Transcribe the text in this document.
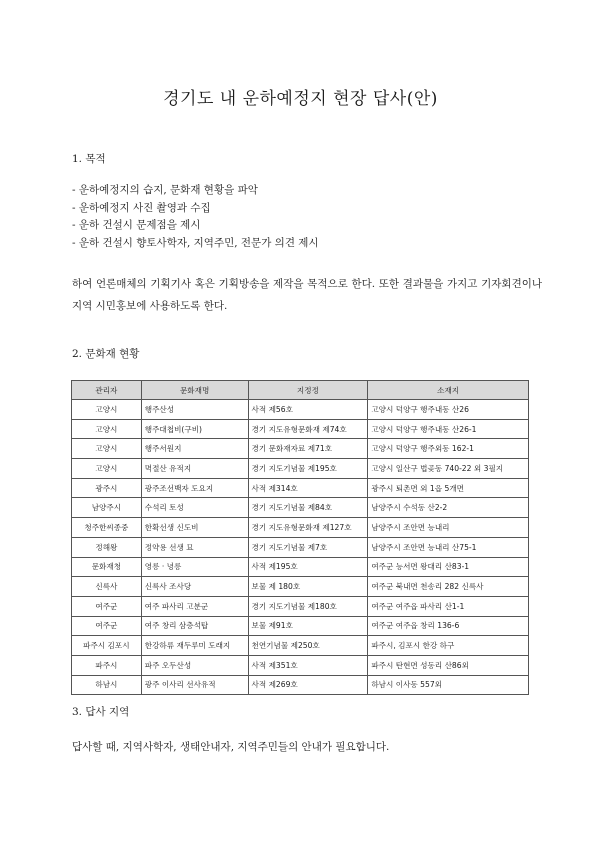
경기도 내 운하예정지 현장 답사(안)
1. 목적
- 운하예정지의 습지, 문화재 현황을 파악
- 운하예정지 사진 촬영과 수집
- 운하 건설시 문제점을 제시
- 운하 건설시 향토사학자, 지역주민, 전문가 의견 제시
하여 언론매체의 기획기사 혹은 기획방송을 제작을 목적으로 한다. 또한 결과물을 가지고 기자회견이나 지역 시민홍보에 사용하도록 한다.
2. 문화재 현황
관리자	문화재명	지정정	소재지
고양시	행주산성	사적 제56호	고양시 덕양구 행주내동 산26
고양시	행주대첩비(구비)	경기 지도유형문화재 제74호	고양시 덕양구 행주내동 산26-1
고양시	행주서원지	경기 문화재자료 제71호	고양시 덕양구 행주외동 162-1
고양시	멱절산 유적지	경기 지도기념물 제195호	고양시 일산구 법곶동 740-22 외 3필지
광주시	광주조선백자 도요지	사적 제314호	광주시 퇴촌면 외 1읍 5개면
남양주시	수석리 토성	경기 지도기념물 제84호	남양주시 수석동 산2-2
청주한씨종중	한확선생 신도비	경기 지도유형문화재 제127호	남양주시 조안면 능내리
정해왕	정약용 선생 묘	경기 지도기념물 제7호	남양주시 조안면 능내리 산75-1
문화재청	영릉 · 녕릉	사적 제195호	여주군 능서면 왕대리 산83-1
신륵사	신륵사 조사당	보물 제 180호	여주군 북내면 천송리 282 신륵사
여주군	여주 파사리 고분군	경기 지도기념물 제180호	여주군 여주읍 파사리 산1-1
여주군	여주 창리 삼층석탑	보물 제91호	여주군 여주읍 창리 136-6
파주시 김포시	한강하류 재두루미 도래지	천연기념물 제250호	파주시, 김포시 한강 하구
파주시	파주 오두산성	사적 제351호	파주시 탄현면 성동리 산86외
하남시	광주 이사리 선사유적	사적 제269호	하남시 이사동 557외
3. 답사 지역
답사할 때, 지역사학자, 생태안내자, 지역주민들의 안내가 필요합니다.
